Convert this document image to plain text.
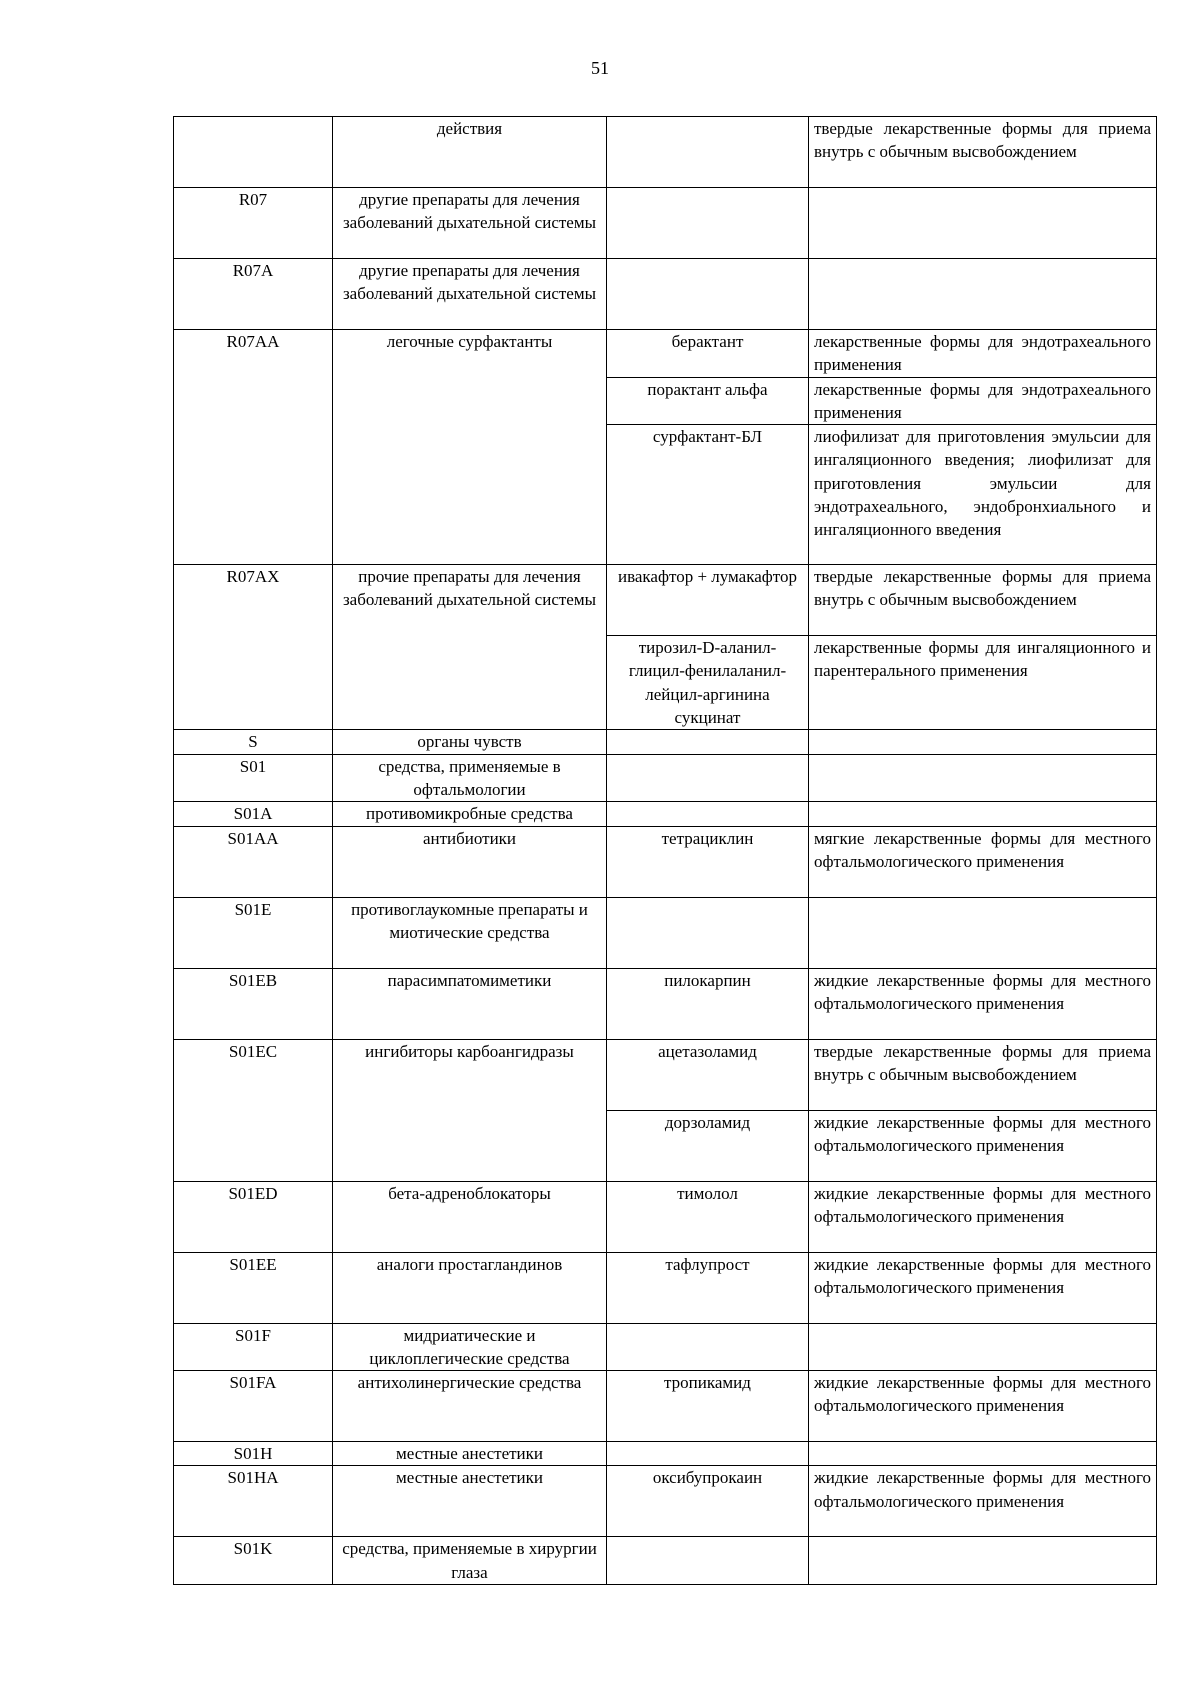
51
	действия		твердые лекарственные формы для приема внутрь с обычным высвобождением
R07	другие препараты для лечения заболеваний дыхательной системы		
R07A	другие препараты для лечения заболеваний дыхательной системы		
R07AA	легочные сурфактанты	берактант	лекарственные формы для эндотрахеального применения
		порактант альфа	лекарственные формы для эндотрахеального применения
		сурфактант-БЛ	лиофилизат для приготовления эмульсии для ингаляционного введения; лиофилизат для приготовления эмульсии для эндотрахеального, эндобронхиального и ингаляционного введения
R07AX	прочие препараты для лечения заболеваний дыхательной системы	ивакафтор + лумакафтор	твердые лекарственные формы для приема внутрь с обычным высвобождением
		тирозил-D-аланил-глицил-фенилаланил-лейцил-аргинина сукцинат	лекарственные формы для ингаляционного и парентерального применения
S	органы чувств		
S01	средства, применяемые в офтальмологии		
S01A	противомикробные средства		
S01AA	антибиотики	тетрациклин	мягкие лекарственные формы для местного офтальмологического применения
S01E	противоглаукомные препараты и миотические средства		
S01EB	парасимпатомиметики	пилокарпин	жидкие лекарственные формы для местного офтальмологического применения
S01EC	ингибиторы карбоангидразы	ацетазоламид	твердые лекарственные формы для приема внутрь с обычным высвобождением
		дорзоламид	жидкие лекарственные формы для местного офтальмологического применения
S01ED	бета-адреноблокаторы	тимолол	жидкие лекарственные формы для местного офтальмологического применения
S01EE	аналоги простагландинов	тафлупрост	жидкие лекарственные формы для местного офтальмологического применения
S01F	мидриатические и циклоплегические средства		
S01FA	антихолинергические средства	тропикамид	жидкие лекарственные формы для местного офтальмологического применения
S01H	местные анестетики		
S01HA	местные анестетики	оксибупрокаин	жидкие лекарственные формы для местного офтальмологического применения
S01K	средства, применяемые в хирургии глаза		
